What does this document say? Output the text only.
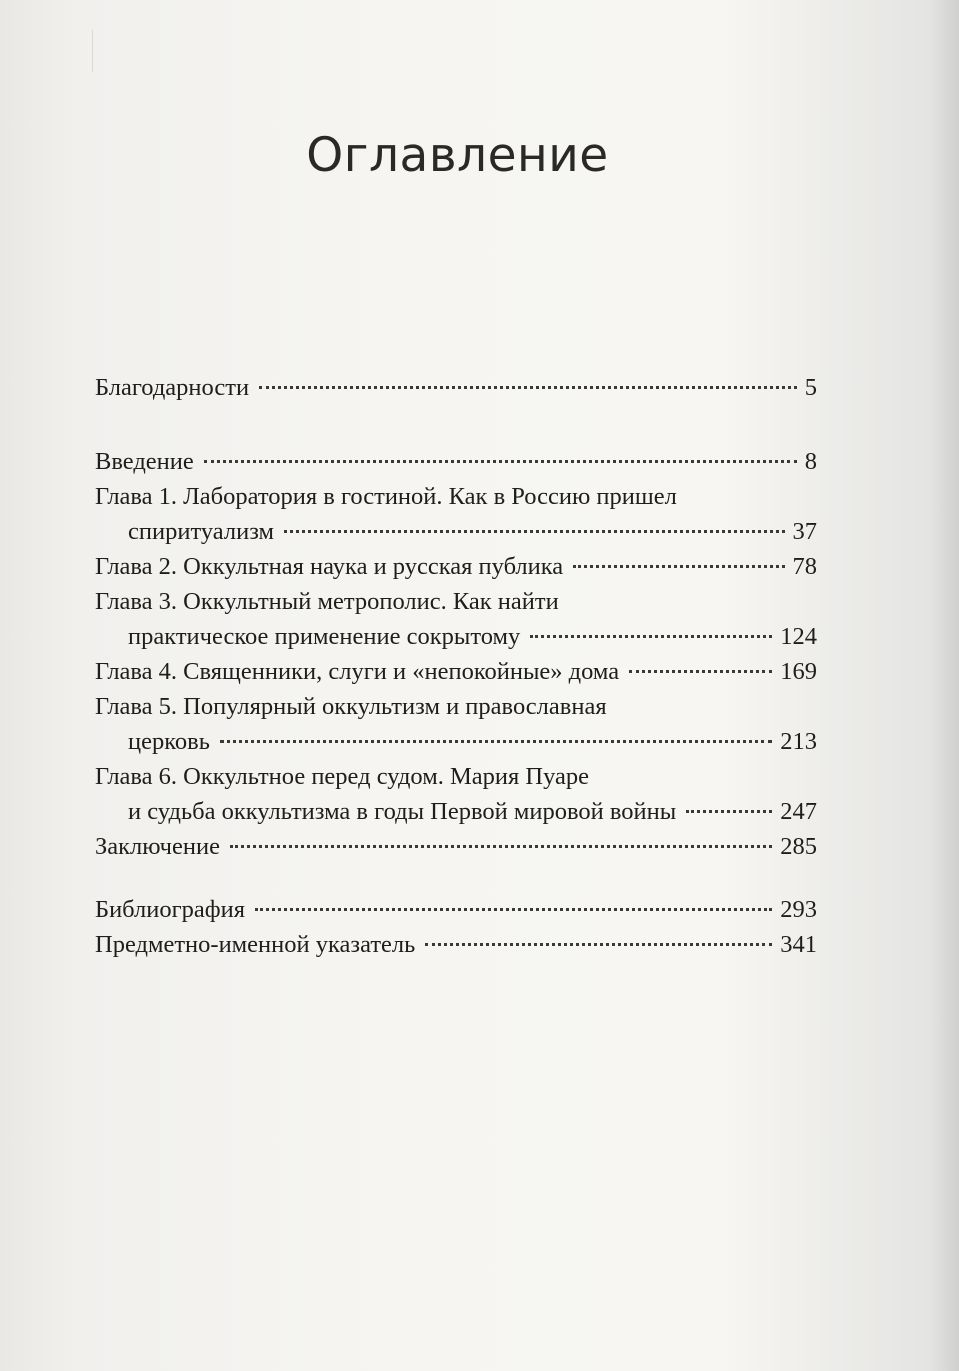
Оглавление
Благодарности	5
Введение	8
Глава 1. Лаборатория в гостиной. Как в Россию пришел
спиритуализм	37
Глава 2. Оккультная наука и русская публика	78
Глава 3. Оккультный метрополис. Как найти
практическое применение сокрытому	124
Глава 4. Священники, слуги и «непокойные» дома	169
Глава 5. Популярный оккультизм и православная
церковь	213
Глава 6. Оккультное перед судом. Мария Пуаре
и судьба оккультизма в годы Первой мировой войны	247
Заключение	285
Библиография	293
Предметно-именной указатель	341
